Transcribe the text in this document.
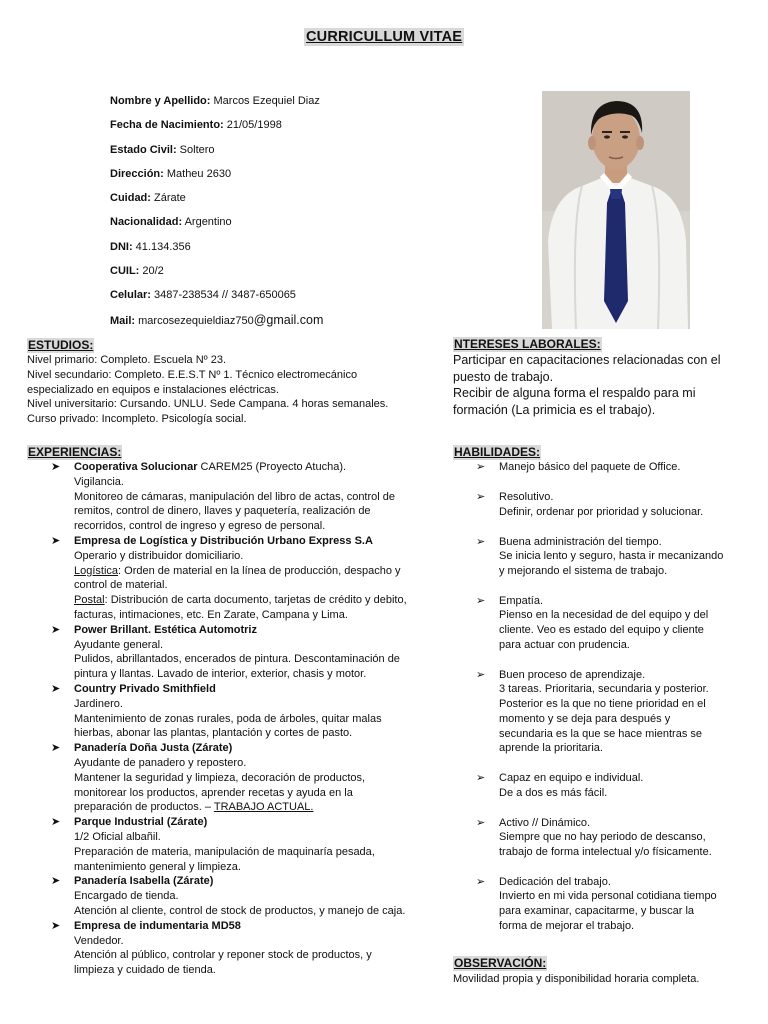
CURRICULLUM VITAE
Nombre y Apellido: Marcos Ezequiel Diaz
Fecha de Nacimiento: 21/05/1998
Estado Civil: Soltero
Dirección: Matheu 2630
Cuidad: Zárate
Nacionalidad: Argentino
DNI: 41.134.356
CUIL: 20/2
Celular: 3487-238534 // 3487-650065
Mail: marcosezequieldiaz750@gmail.com
ESTUDIOS:

Nivel primario: Completo. Escuela Nº 23.

Nivel secundario: Completo. E.E.S.T Nº 1. Técnico electromecánico

especializado en equipos e instalaciones eléctricas.

Nivel universitario: Cursando. UNLU. Sede Campana. 4 horas semanales.

Curso privado: Incompleto. Psicología social.

NTERESES LABORALES:

Participar en capacitaciones relacionadas con el

puesto de trabajo.

Recibir de alguna forma el respaldo para mi

formación (La primicia es el trabajo).

EXPERIENCIAS:
➤ Cooperativa Solucionar CAREM25 (Proyecto Atucha).

Vigilancia.

Monitoreo de cámaras, manipulación del libro de actas, control de

remitos, control de dinero, llaves y paquetería, realización de

recorridos, control de ingreso y egreso de personal.

➤ Empresa de Logística y Distribución Urbano Express S.A

Operario y distribuidor domiciliario.

Logística: Orden de material en la línea de producción, despacho y

control de material.

Postal: Distribución de carta documento, tarjetas de crédito y debito,

facturas, intimaciones, etc. En Zarate, Campana y Lima.

➤ Power Brillant. Estética Automotriz

Ayudante general.

Pulidos, abrillantados, encerados de pintura. Descontaminación de

pintura y llantas. Lavado de interior, exterior, chasis y motor.

➤ Country Privado Smithfield

Jardinero.

Mantenimiento de zonas rurales, poda de árboles, quitar malas

hierbas, abonar las plantas, plantación y cortes de pasto.

➤ Panadería Doña Justa (Zárate)

Ayudante de panadero y repostero.

Mantener la seguridad y limpieza, decoración de productos,

monitorear los productos, aprender recetas y ayuda en la

preparación de productos. – TRABAJO ACTUAL.

➤ Parque Industrial (Zárate)

1/2 Oficial albañil.

Preparación de materia, manipulación de maquinaría pesada,

mantenimiento general y limpieza.

➤ Panadería Isabella (Zárate)

Encargado de tienda.

Atención al cliente, control de stock de productos, y manejo de caja.

➤ Empresa de indumentaria MD58

Vendedor.

Atención al público, controlar y reponer stock de productos, y

limpieza y cuidado de tienda.

HABILIDADES:
➢ Manejo básico del paquete de Office.

➢ Resolutivo.

Definir, ordenar por prioridad y solucionar.

➢ Buena administración del tiempo.

Se inicia lento y seguro, hasta ir mecanizando

y mejorando el sistema de trabajo.

➢ Empatía.

Pienso en la necesidad de del equipo y del

cliente. Veo es estado del equipo y cliente

para actuar con prudencia.

➢ Buen proceso de aprendizaje.

3 tareas. Prioritaria, secundaria y posterior.

Posterior es la que no tiene prioridad en el

momento y se deja para después y

secundaria es la que se hace mientras se

aprende la prioritaria.

➢ Capaz en equipo e individual.

De a dos es más fácil.

➢ Activo // Dinámico.

Siempre que no hay periodo de descanso,

trabajo de forma intelectual y/o físicamente.

➢ Dedicación del trabajo.

Invierto en mi vida personal cotidiana tiempo

para examinar, capacitarme, y buscar la

forma de mejorar el trabajo.

OBSERVACIÓN:
Movilidad propia y disponibilidad horaria completa.
